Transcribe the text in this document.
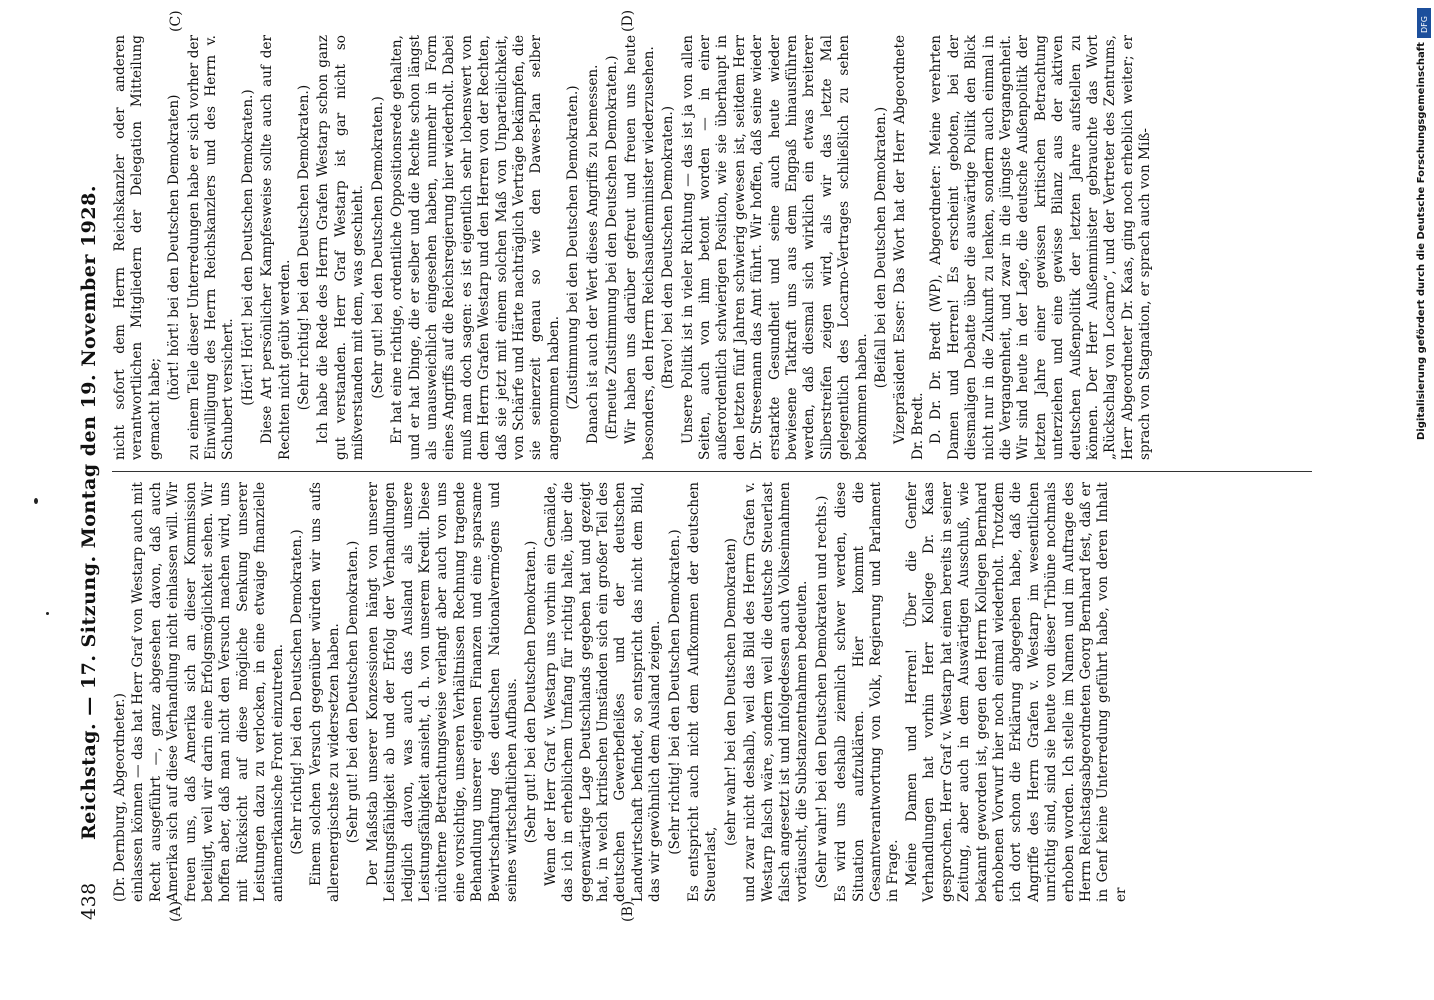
438
Reichstag. — 17. Sitzung. Montag den 19. November 1928.
(A)	(B)
(C)	(D)

(Dr. Dernburg, Abgeordneter.) einlassen können — das hat Herr Graf von Westarp auch mit Recht ausgeführt —, ganz abgesehen davon, daß auch Amerika sich auf diese Verhandlung nicht einlassen will. Wir freuen uns, daß Amerika sich an dieser Kommission beteiligt, weil wir darin eine Erfolgsmöglichkeit sehen. Wir hoffen aber, daß man nicht den Versuch machen wird, uns mit Rücksicht auf diese mögliche Senkung unserer Leistungen dazu zu verlocken, in eine etwaige finanzielle antiamerikanische Front einzutreten. (Sehr richtig! bei den Deutschen Demokraten.) Einem solchen Versuch gegenüber würden wir uns aufs allerenergischste zu widersetzen haben. (Sehr gut! bei den Deutschen Demokraten.) Der Maßstab unserer Konzessionen hängt von unserer Leistungsfähigkeit ab und der Erfolg der Verhandlungen lediglich davon, was auch das Ausland als unsere Leistungsfähigkeit ansieht, d. h. von unserem Kredit. Diese nüchterne Betrachtungsweise verlangt aber auch von uns eine vorsichtige, unseren Verhältnissen Rechnung tragende Behandlung unserer eigenen Finanzen und eine sparsame Bewirtschaftung des deutschen Nationalvermögens und seines wirtschaftlichen Aufbaus. (Sehr gut! bei den Deutschen Demokraten.) Wenn der Herr Graf v. Westarp uns vorhin ein Gemälde, das ich in erheblichem Umfang für richtig halte, über die gegenwärtige Lage Deutschlands gegeben hat und gezeigt hat, in welch kritischen Umständen sich ein großer Teil des deutschen Gewerbefleißes und der deutschen Landwirtschaft befindet, so entspricht das nicht dem Bild, das wir gewöhnlich dem Ausland zeigen. (Sehr richtig! bei den Deutschen Demokraten.) Es entspricht auch nicht dem Aufkommen der deutschen Steuerlast,

(sehr wahr! bei den Deutschen Demokraten) und zwar nicht deshalb, weil das Bild des Herrn Grafen v. Westarp falsch wäre, sondern weil die deutsche Steuerlast falsch angesetzt ist und infolgedessen auch Volkseinnahmen vortäuscht, die Substanzentnahmen bedeuten. (Sehr wahr! bei den Deutschen Demokraten und rechts.) Es wird uns deshalb ziemlich schwer werden, diese Situation aufzuklären. Hier kommt die Gesamtverantwortung von Volk, Regierung und Parlament in Frage. Meine Damen und Herren! Über die Genfer Verhandlungen hat vorhin Herr Kollege Dr. Kaas gesprochen. Herr Graf v. Westarp hat einen bereits in seiner Zeitung, aber auch in dem Auswärtigen Ausschuß, wie bekannt geworden ist, gegen den Herrn Kollegen Bernhard erhobenen Vorwurf hier noch einmal wiederholt. Trotzdem ich dort schon die Erklärung abgegeben habe, daß die Angriffe des Herrn Grafen v. Westarp im wesentlichen unrichtig sind, sind sie heute von dieser Tribüne nochmals erhoben worden. Ich stelle im Namen und im Auftrage des Herrn Reichstagsabgeordneten Georg Bernhard fest, daß er in Genf keine Unterredung geführt habe, von deren Inhalt er

nicht sofort dem Herrn Reichskanzler oder anderen verantwortlichen Mitgliedern der Delegation Mitteilung gemacht habe;

(hört! hört! bei den Deutschen Demokraten) zu einem Teile dieser Unterredungen habe er sich vorher der Einwilligung des Herrn Reichskanzlers und des Herrn v. Schubert versichert. (Hört! Hört! bei den Deutschen Demokraten.) Diese Art persönlicher Kampfesweise sollte auch auf der Rechten nicht geübt werden. (Sehr richtig! bei den Deutschen Demokraten.) Ich habe die Rede des Herrn Grafen Westarp schon ganz gut verstanden. Herr Graf Westarp ist gar nicht so mißverstanden mit dem, was geschieht. (Sehr gut! bei den Deutschen Demokraten.) Er hat eine richtige, ordentliche Oppositionsrede gehalten, und er hat Dinge, die er selber und die Rechte schon längst als unausweichlich eingesehen haben, nunmehr in Form eines Angriffs auf die Reichsregierung hier wiederholt. Dabei muß man doch sagen: es ist eigentlich sehr lobenswert von dem Herrn Grafen Westarp und den Herren von der Rechten, daß sie jetzt mit einem solchen Maß von Unparteilichkeit, von Schärfe und Härte nachträglich Verträge bekämpfen, die sie seinerzeit genau so wie den Dawes-Plan selber angenommen haben. (Zustimmung bei den Deutschen Demokraten.) Danach ist auch der Wert dieses Angriffs zu bemessen. (Erneute Zustimmung bei den Deutschen Demokraten.) Wir haben uns darüber gefreut und freuen uns heute besonders, den Herrn Reichsaußenminister wiederzusehen. (Bravo! bei den Deutschen Demokraten.) Unsere Politik ist in vieler Richtung — das ist ja von allen Seiten, auch von ihm betont worden — in einer außerordentlich schwierigen Position, wie sie überhaupt in den letzten fünf Jahren schwierig gewesen ist, seitdem Herr Dr. Stresemann das Amt führt. Wir hoffen, daß seine wieder erstarkte Gesundheit und seine auch heute wieder bewiesene Tatkraft uns aus dem Engpaß hinausführen werden, daß diesmal sich wirklich ein etwas breiterer Silberstreifen zeigen wird, als wir das letzte Mal gelegentlich des Locarno-Vertrages schließlich zu sehen bekommen haben.

(Beifall bei den Deutschen Demokraten.) Vizepräsident Esser: Das Wort hat der Herr Abgeordnete Dr. Bredt. D. Dr. Dr. Bredt (WP), Abgeordneter: Meine verehrten Damen und Herren! Es erscheint geboten, bei der diesmaligen Debatte über die auswärtige Politik den Blick nicht nur in die Zukunft zu lenken, sondern auch einmal in die Vergangenheit, und zwar in die jüngste Vergangenheit. Wir sind heute in der Lage, die deutsche Außenpolitik der letzten Jahre einer gewissen kritischen Betrachtung unterziehen und eine gewisse Bilanz aus der aktiven deutschen Außenpolitik der letzten Jahre aufstellen zu können. Der Herr Außenminister gebrauchte das Wort „Rückschlag von Locarno“, und der Vertreter des Zentrums, Herr Abgeordneter Dr. Kaas, ging noch erheblich weiter; er sprach von Stagnation, er sprach auch von Miß-	Digitalisierung gefördert durch die Deutsche Forschungsgemeinschaft
DFG
